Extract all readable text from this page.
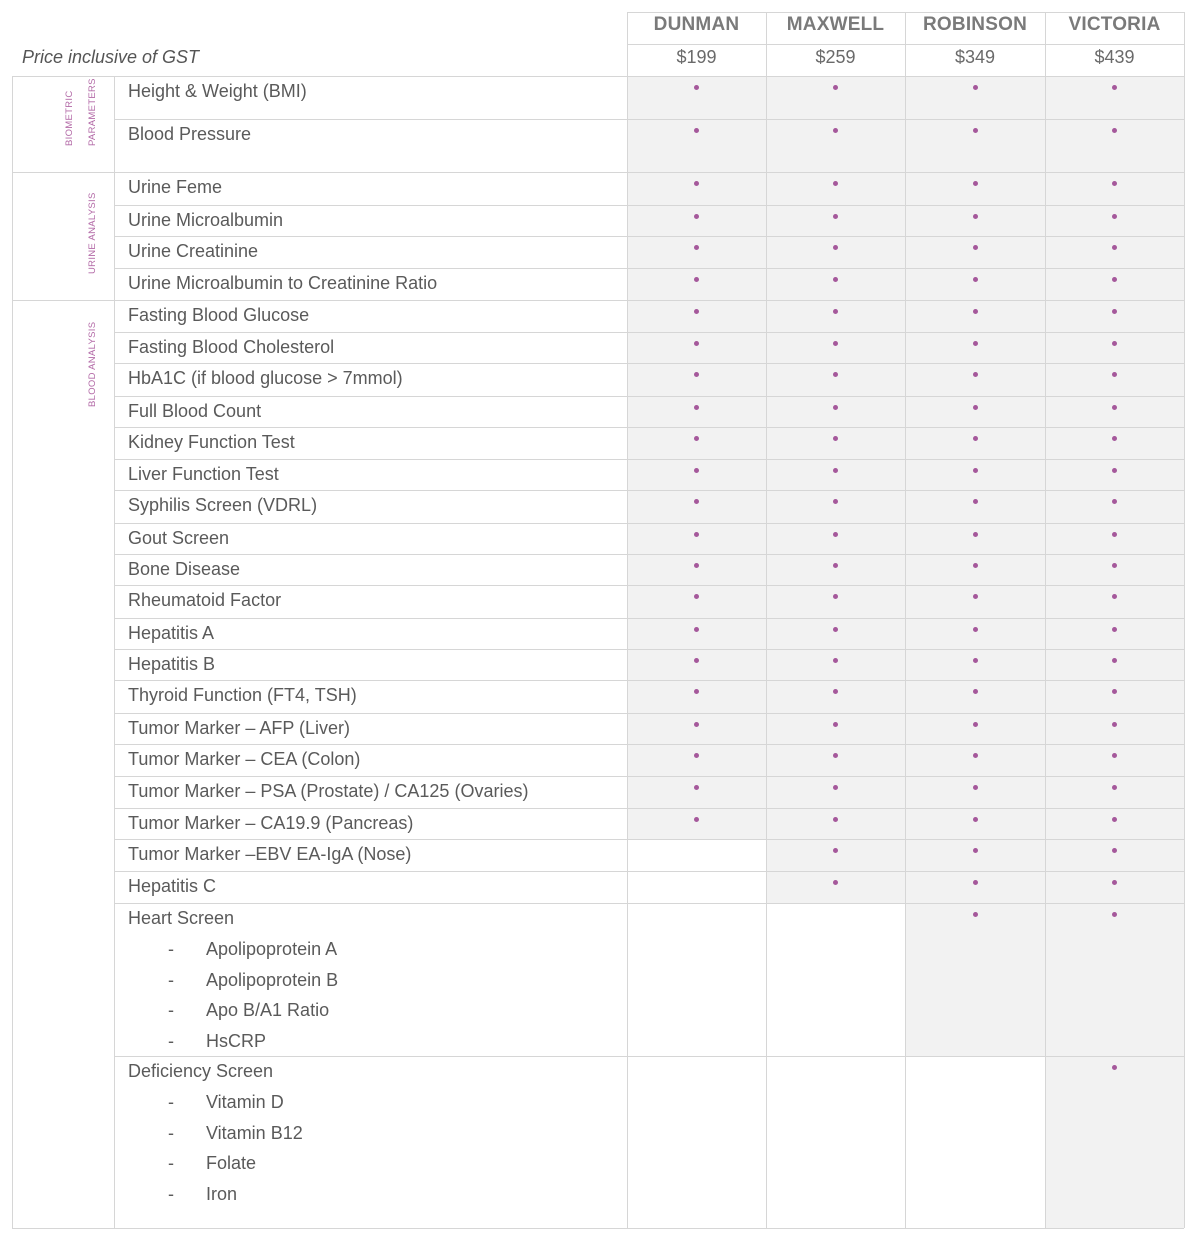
Price inclusive of GST
DUNMAN
$199
MAXWELL
$259
ROBINSON
$349
VICTORIA
$439
BIOMETRIC PARAMETERS
URINE ANALYSIS
BLOOD ANALYSIS
Height & Weight (BMI)
Blood Pressure
Urine Feme
Urine Microalbumin
Urine Creatinine
Urine Microalbumin to Creatinine Ratio
Fasting Blood Glucose
Fasting Blood Cholesterol
HbA1C (if blood glucose > 7mmol)
Full Blood Count
Kidney Function Test
Liver Function Test
Syphilis Screen (VDRL)
Gout Screen
Bone Disease
Rheumatoid Factor
Hepatitis A
Hepatitis B
Thyroid Function (FT4, TSH)
Tumor Marker – AFP (Liver)
Tumor Marker – CEA (Colon)
Tumor Marker – PSA (Prostate) / CA125 (Ovaries)
Tumor Marker – CA19.9 (Pancreas)
Tumor Marker –EBV EA-IgA (Nose)
Hepatitis C
Heart Screen
- Apolipoprotein A
- Apolipoprotein B
- Apo B/A1 Ratio
- HsCRP
Deficiency Screen
- Vitamin D
- Vitamin B12
- Folate
- Iron
